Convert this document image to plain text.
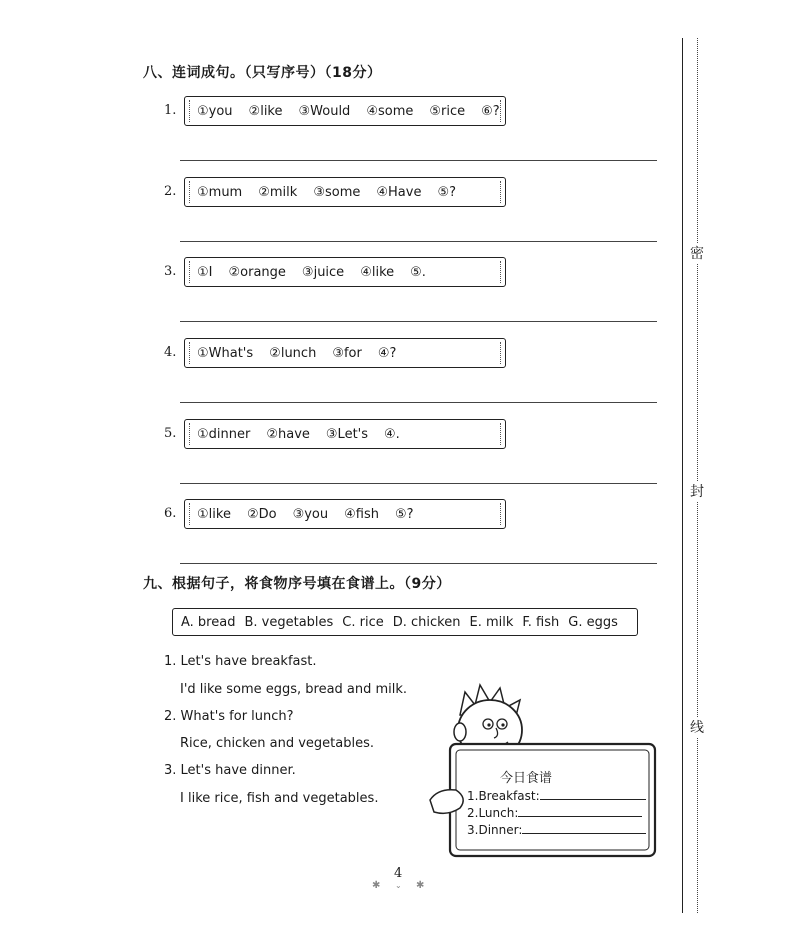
八、连词成句。（只写序号）（18分）
1. ①you ②like ③Would ④some ⑤rice ⑥?
2. ①mum ②milk ③some ④Have ⑤?
3. ①I ②orange ③juice ④like ⑤.
4. ①What's ②lunch ③for ④?
5. ①dinner ②have ③Let's ④.
6. ①like ②Do ③you ④fish ⑤?
九、根据句子，将食物序号填在食谱上。（9分）
A. bread B. vegetables C. rice D. chicken E. milk F. fish G. eggs
1. Let's have breakfast.
I'd like some eggs, bread and milk.
2. What's for lunch?
Rice, chicken and vegetables.
3. Let's have dinner.
I like rice, fish and vegetables.
今日食谱
1.Breakfast:
2.Lunch:
3.Dinner:
4
✱ ⌄ ✱
密
封
线
